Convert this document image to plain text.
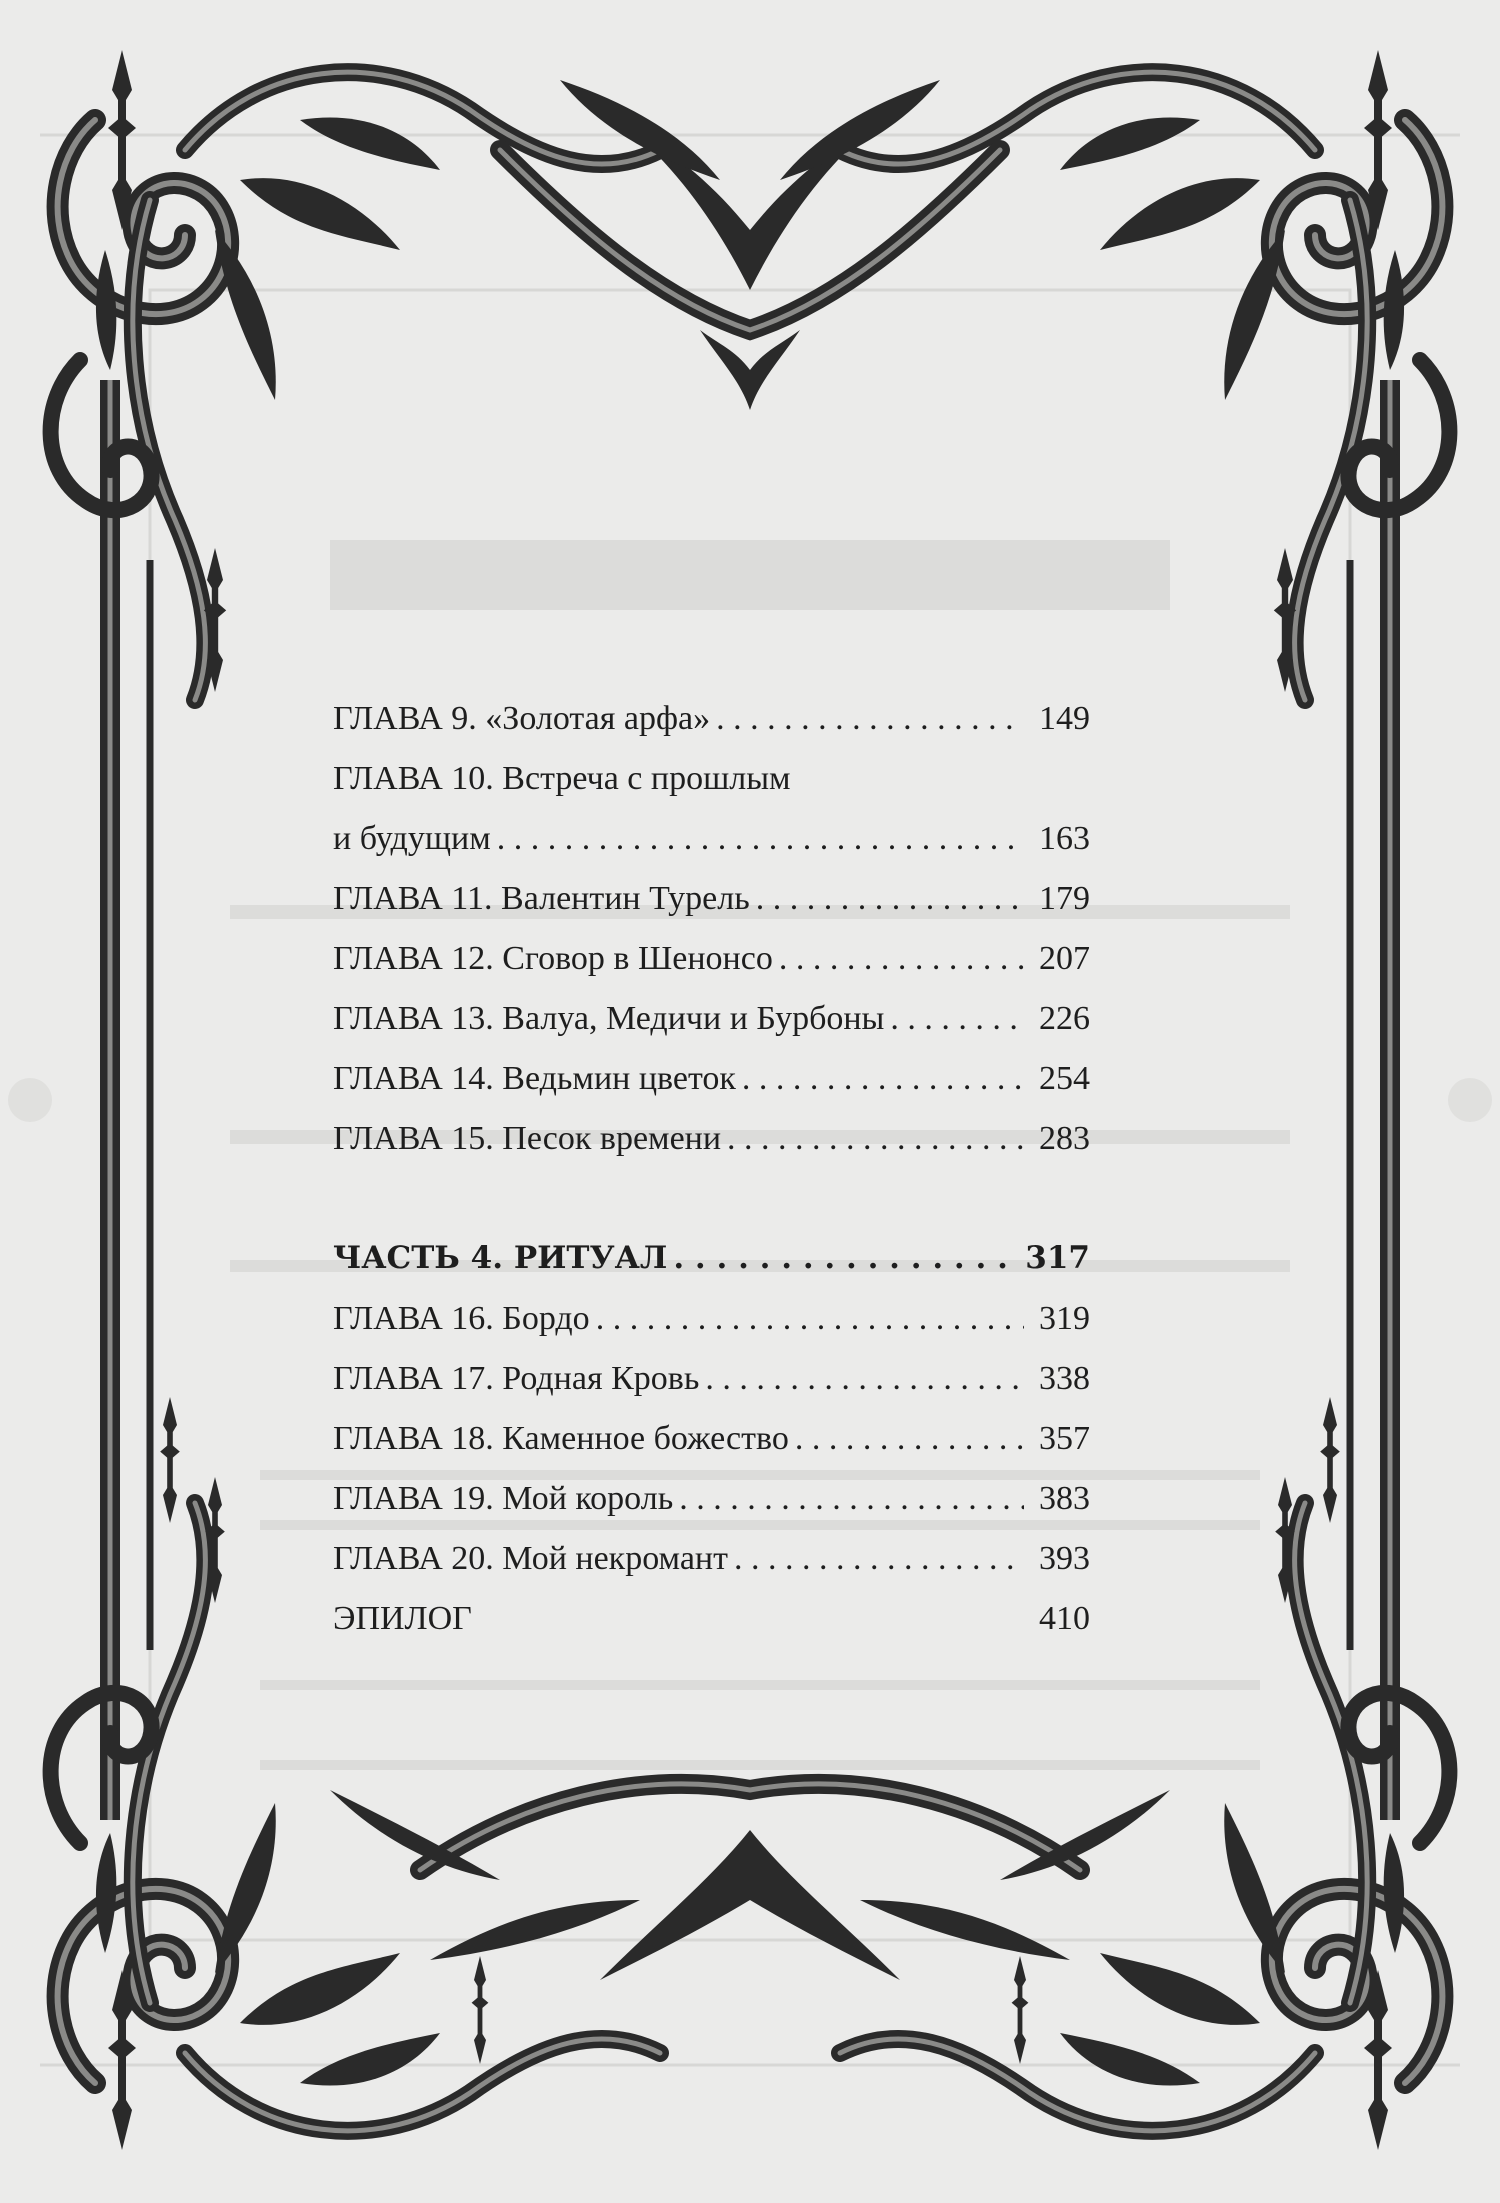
ГЛАВА 9. «Золотая арфа» . . .	149
ГЛАВА 10. Встреча с прошлым
и будущим . . .	163
ГЛАВА 11. Валентин Турель . . .	179
ГЛАВА 12. Сговор в Шенонсо . . .	207
ГЛАВА 13. Валуа, Медичи и Бурбоны . . .	226
ГЛАВА 14. Ведьмин цветок . . .	254
ГЛАВА 15. Песок времени . . .	283
ЧАСТЬ 4. РИТУАЛ . . .	317
ГЛАВА 16. Бордо . . .	319
ГЛАВА 17. Родная Кровь . . .	338
ГЛАВА 18. Каменное божество . . .	357
ГЛАВА 19. Мой король . . .	383
ГЛАВА 20. Мой некромант . . .	393
ЭПИЛОГ	410
